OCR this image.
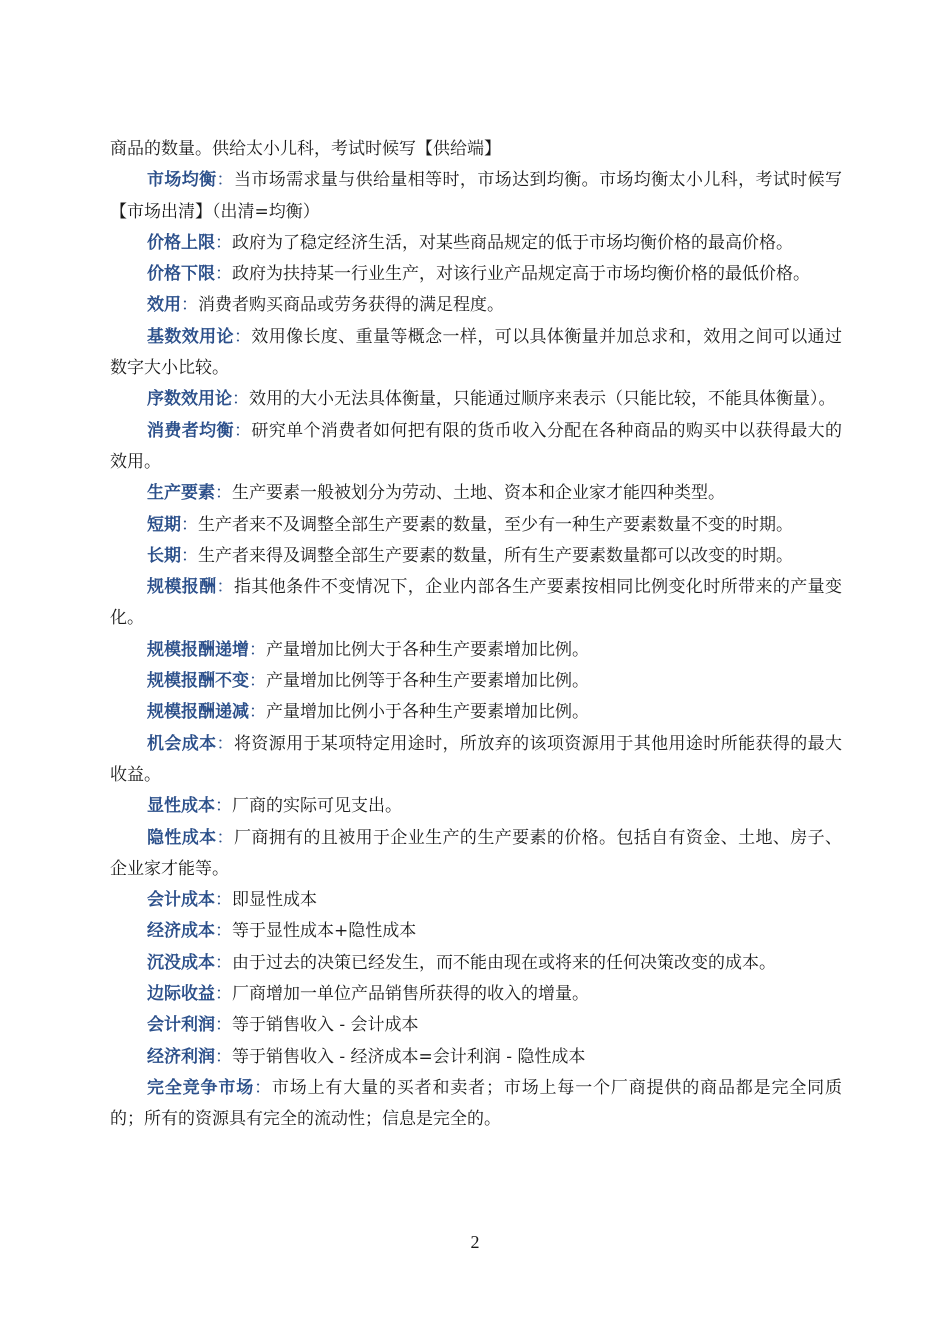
商品的数量。供给太小儿科，考试时候写【供给端】

市场均衡：当市场需求量与供给量相等时，市场达到均衡。市场均衡太小儿科，考试时候写【市场出清】（出清=均衡）

价格上限：政府为了稳定经济生活，对某些商品规定的低于市场均衡价格的最高价格。

价格下限：政府为扶持某一行业生产，对该行业产品规定高于市场均衡价格的最低价格。

效用：消费者购买商品或劳务获得的满足程度。

基数效用论：效用像长度、重量等概念一样，可以具体衡量并加总求和，效用之间可以通过数字大小比较。

序数效用论：效用的大小无法具体衡量，只能通过顺序来表示（只能比较，不能具体衡量）。

消费者均衡：研究单个消费者如何把有限的货币收入分配在各种商品的购买中以获得最大的效用。

生产要素：生产要素一般被划分为劳动、土地、资本和企业家才能四种类型。

短期：生产者来不及调整全部生产要素的数量，至少有一种生产要素数量不变的时期。

长期：生产者来得及调整全部生产要素的数量，所有生产要素数量都可以改变的时期。

规模报酬：指其他条件不变情况下，企业内部各生产要素按相同比例变化时所带来的产量变化。

规模报酬递增：产量增加比例大于各种生产要素增加比例。

规模报酬不变：产量增加比例等于各种生产要素增加比例。

规模报酬递减：产量增加比例小于各种生产要素增加比例。

机会成本：将资源用于某项特定用途时，所放弃的该项资源用于其他用途时所能获得的最大收益。

显性成本：厂商的实际可见支出。

隐性成本：厂商拥有的且被用于企业生产的生产要素的价格。包括自有资金、土地、房子、企业家才能等。

会计成本：即显性成本

经济成本：等于显性成本+隐性成本

沉没成本：由于过去的决策已经发生，而不能由现在或将来的任何决策改变的成本。

边际收益：厂商增加一单位产品销售所获得的收入的增量。

会计利润：等于销售收入 - 会计成本

经济利润：等于销售收入 - 经济成本=会计利润 - 隐性成本

完全竞争市场：市场上有大量的买者和卖者；市场上每一个厂商提供的商品都是完全同质的；所有的资源具有完全的流动性；信息是完全的。

2
